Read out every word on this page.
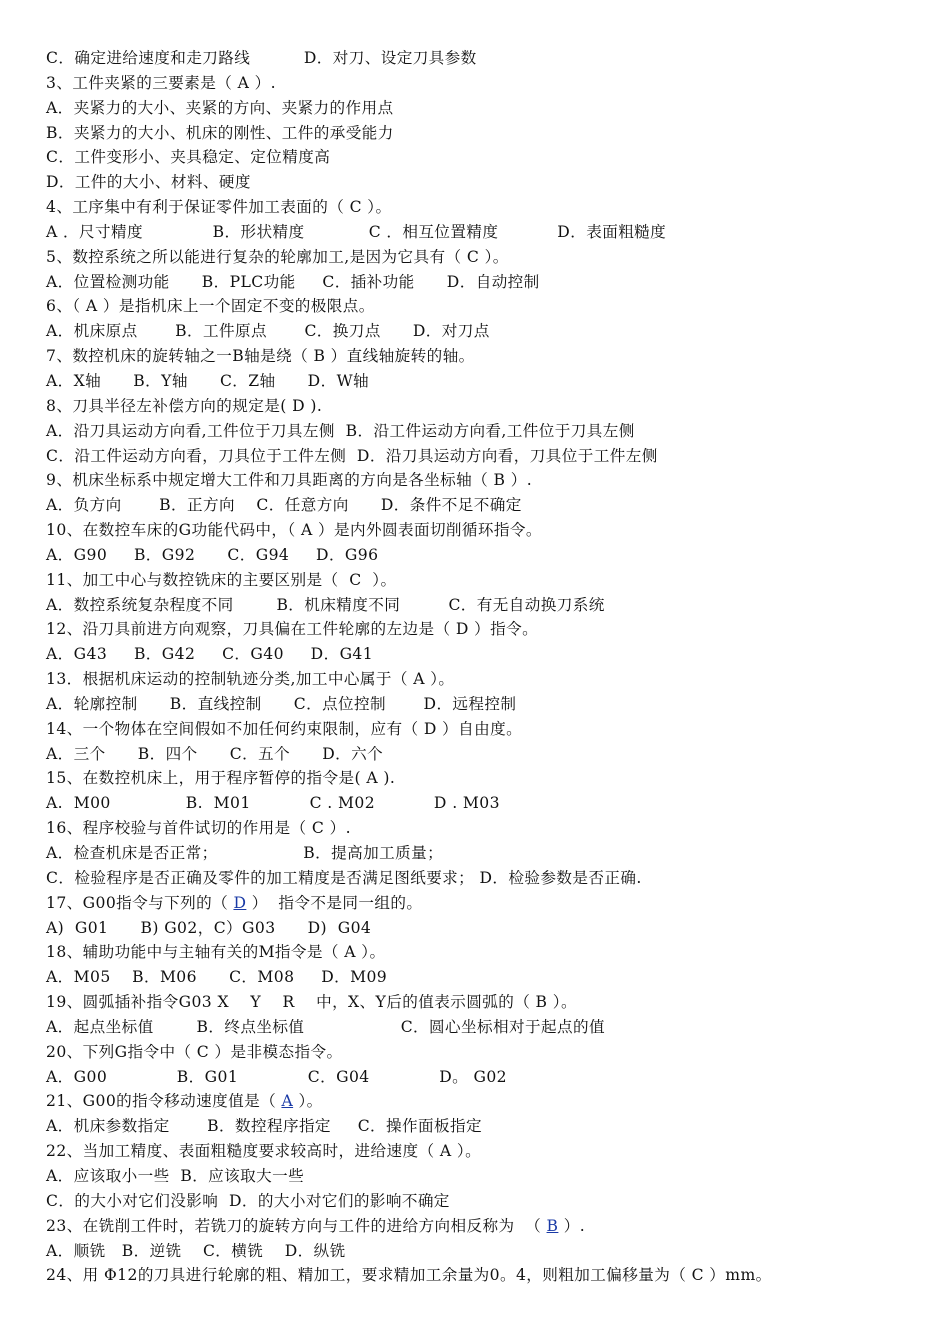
C．确定进给速度和走刀路线          D．对刀、设定刀具参数
3、工件夹紧的三要素是（ A ）.
A．夹紧力的大小、夹紧的方向、夹紧力的作用点
B．夹紧力的大小、机床的刚性、工件的承受能力
C．工件变形小、夹具稳定、定位精度高
D．工件的大小、材料、硬度
4、工序集中有利于保证零件加工表面的（ C ）。
A ．尺寸精度             B．形状精度            C ．相互位置精度           D．表面粗糙度
5、数控系统之所以能进行复杂的轮廓加工,是因为它具有（ C ）。
A．位置检测功能      B．PLC功能     C．插补功能      D．自动控制
6、（ A ）是指机床上一个固定不变的极限点。
A．机床原点       B．工件原点       C．换刀点      D．对刀点
7、数控机床的旋转轴之一B轴是绕（ B ）直线轴旋转的轴。
A．X轴      B．Y轴      C．Z轴      D．W轴
8、刀具半径左补偿方向的规定是( D ).
A．沿刀具运动方向看,工件位于刀具左侧  B．沿工件运动方向看,工件位于刀具左侧
C．沿工件运动方向看，刀具位于工件左侧  D．沿刀具运动方向看，刀具位于工件左侧
9、机床坐标系中规定增大工件和刀具距离的方向是各坐标轴（ B ）.
A．负方向       B．正方向    C．任意方向      D．条件不足不确定
10、在数控车床的G功能代码中，（ A ）是内外圆表面切削循环指令。
A．G90     B．G92      C．G94     D．G96
11、加工中心与数控铣床的主要区别是（  C  ）。
A．数控系统复杂程度不同        B．机床精度不同         C．有无自动换刀系统
12、沿刀具前进方向观察，刀具偏在工件轮廓的左边是（ D ）指令。
A．G43     B．G42     C．G40     D．G41
13．根据机床运动的控制轨迹分类,加工中心属于（ A ）。
A．轮廓控制      B．直线控制      C．点位控制       D．远程控制
14、一个物体在空间假如不加任何约束限制，应有（ D ）自由度。
A．三个      B．四个      C．五个      D．六个
15、在数控机床上，用于程序暂停的指令是( A ).
A.  M00              B.  M01           C . M02           D . M03
16、程序校验与首件试切的作用是（ C ）.
A．检查机床是否正常；                B．提高加工质量；
C．检验程序是否正确及零件的加工精度是否满足图纸要求； D．检验参数是否正确.
17、G00指令与下列的（ D ）  指令不是同一组的。
A)  G01      B) G02，C）G03      D)  G04
18、辅助功能中与主轴有关的M指令是（ A ）。
A．M05    B．M06      C．M08     D．M09
19、圆弧插补指令G03 X    Y    R    中，X、Y后的值表示圆弧的（ B ）。
A．起点坐标值        B．终点坐标值                  C．圆心坐标相对于起点的值
20、下列G指令中（ C ）是非模态指令。
A．G00             B．G01             C．G04             D。 G02
21、G00的指令移动速度值是（ A ）。
A．机床参数指定       B．数控程序指定     C．操作面板指定
22、当加工精度、表面粗糙度要求较高时，进给速度（ A ）。
A．应该取小一些  B．应该取大一些
C．的大小对它们没影响  D．的大小对它们的影响不确定
23、在铣削工件时，若铣刀的旋转方向与工件的进给方向相反称为  （ B ）.
A．顺铣   B．逆铣    C．横铣    D．纵铣
24、用 Φ12的刀具进行轮廓的粗、精加工，要求精加工余量为0。4，则粗加工偏移量为（ C ）mm。
